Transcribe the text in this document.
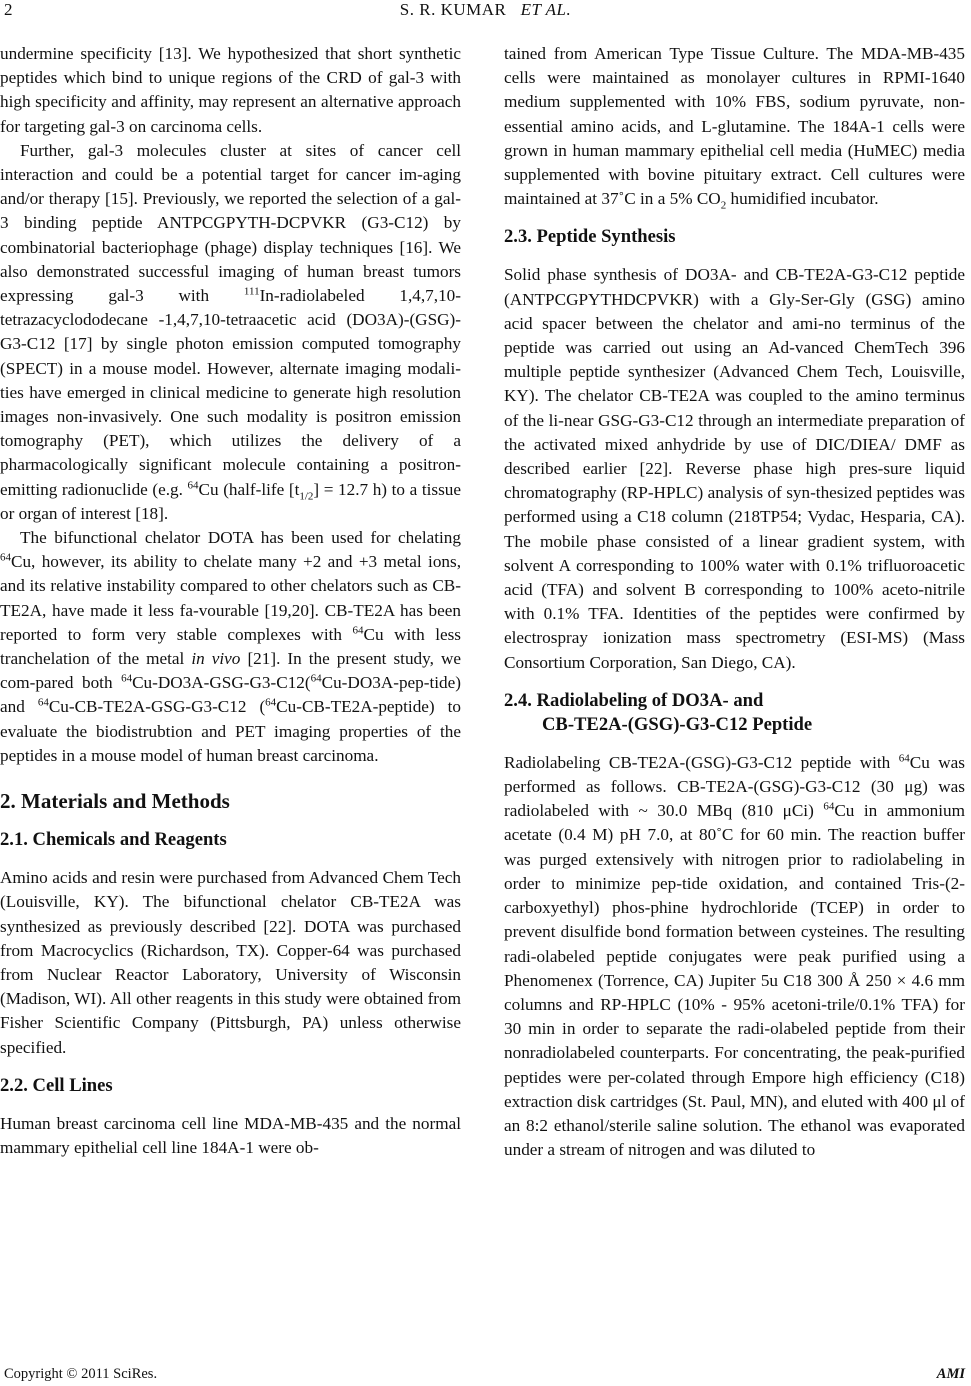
2	S. R. KUMAR ET AL.

undermine specificity [13]. We hypothesized that short synthetic peptides which bind to unique regions of the CRD of gal-3 with high specificity and affinity, may represent an alternative approach for targeting gal-3 on carcinoma cells.

Further, gal-3 molecules cluster at sites of cancer cell interaction and could be a potential target for cancer im-aging and/or therapy [15]. Previously, we reported the selection of a gal-3 binding peptide ANTPCGPYTH-DCPVKR (G3-C12) by combinatorial bacteriophage (phage) display techniques [16]. We also demonstrated successful imaging of human breast tumors expressing gal-3 with $^{111}$In-radiolabeled 1,4,7,10-tetrazacyclododecane -1,4,7,10-tetraacetic acid (DO3A)-(GSG)-G3-C12 [17] by single photon emission computed tomography (SPECT) in a mouse model. However, alternate imaging modali-ties have emerged in clinical medicine to generate high resolution images non-invasively. One such modality is positron emission tomography (PET), which utilizes the delivery of a pharmacologically significant molecule containing a positron-emitting radionuclide (e.g. $^{64}$Cu (half-life $[t_{1/2}] = 12.7$ h) to a tissue or organ of interest [18].

The bifunctional chelator DOTA has been used for chelating $^{64}$Cu, however, its ability to chelate many +2 and +3 metal ions, and its relative instability compared to other chelators such as CB-TE2A, have made it less fa-vourable [19,20]. CB-TE2A has been reported to form very stable complexes with $^{64}$Cu with less tranchelation of the metal in vivo [21]. In the present study, we com-pared both $^{64}$Cu-DO3A-GSG-G3-C12($^{64}$Cu-DO3A-pep-tide) and $^{64}$Cu-CB-TE2A-GSG-G3-C12 ($^{64}$Cu-CB-TE2A-peptide) to evaluate the biodistrubtion and PET imaging properties of the peptides in a mouse model of human breast carcinoma.

2. Materials and Methods
2.1. Chemicals and Reagents

Amino acids and resin were purchased from Advanced Chem Tech (Louisville, KY). The bifunctional chelator CB-TE2A was synthesized as previously described [22]. DOTA was purchased from Macrocyclics (Richardson, TX). Copper-64 was purchased from Nuclear Reactor Laboratory, University of Wisconsin (Madison, WI). All other reagents in this study were obtained from Fisher Scientific Company (Pittsburgh, PA) unless otherwise specified.

2.2. Cell Lines

Human breast carcinoma cell line MDA-MB-435 and the normal mammary epithelial cell line 184A-1 were ob-

tained from American Type Tissue Culture. The MDA-MB-435 cells were maintained as monolayer cultures in RPMI-1640 medium supplemented with 10% FBS, sodium pyruvate, non-essential amino acids, and L-glutamine. The 184A-1 cells were grown in human mammary epithelial cell media (HuMEC) media supplemented with bovine pituitary extract. Cell cultures were maintained at 37˚C in a 5% $CO_2$ humidified incubator.

2.3. Peptide Synthesis

Solid phase synthesis of DO3A- and CB-TE2A-G3-C12 peptide (ANTPCGPYTHDCPVKR) with a Gly-Ser-Gly (GSG) amino acid spacer between the chelator and ami-no terminus of the peptide was carried out using an Ad-vanced ChemTech 396 multiple peptide synthesizer (Advanced Chem Tech, Louisville, KY). The chelator CB-TE2A was coupled to the amino terminus of the li-near GSG-G3-C12 through an intermediate preparation of the activated mixed anhydride by use of DIC/DIEA/ DMF as described earlier [22]. Reverse phase high pres-sure liquid chromatography (RP-HPLC) analysis of syn-thesized peptides was performed using a C18 column (218TP54; Vydac, Hesparia, CA). The mobile phase consisted of a linear gradient system, with solvent A corresponding to 100% water with 0.1% trifluoroacetic acid (TFA) and solvent B corresponding to 100% aceto-nitrile with 0.1% TFA. Identities of the peptides were confirmed by electrospray ionization mass spectrometry (ESI-MS) (Mass Consortium Corporation, San Diego, CA).

2.4. Radiolabeling of DO3A- and
CB-TE2A-(GSG)-G3-C12 Peptide

Radiolabeling CB-TE2A-(GSG)-G3-C12 peptide with $^{64}$Cu was performed as follows. CB-TE2A-(GSG)-G3-C12 (30 μg) was radiolabeled with ~ 30.0 MBq (810 μCi) $^{64}$Cu in ammonium acetate (0.4 M) pH 7.0, at 80˚C for 60 min. The reaction buffer was purged extensively with nitrogen prior to radiolabeling in order to minimize pep-tide oxidation, and contained Tris-(2-carboxyethyl) phos-phine hydrochloride (TCEP) in order to prevent disulfide bond formation between cysteines. The resulting radi-olabeled peptide conjugates were peak purified using a Phenomenex (Torrence, CA) Jupiter 5u C18 300 Å 250 × 4.6 mm columns and RP-HPLC (10% - 95% acetoni-trile/0.1% TFA) for 30 min in order to separate the radi-olabeled peptide from their nonradiolabeled counterparts. For concentrating, the peak-purified peptides were per-colated through Empore high efficiency (C18) extraction disk cartridges (St. Paul, MN), and eluted with 400 μl of an 8:2 ethanol/sterile saline solution. The ethanol was evaporated under a stream of nitrogen and was diluted to

Copyright © 2011 SciRes.	AMI
